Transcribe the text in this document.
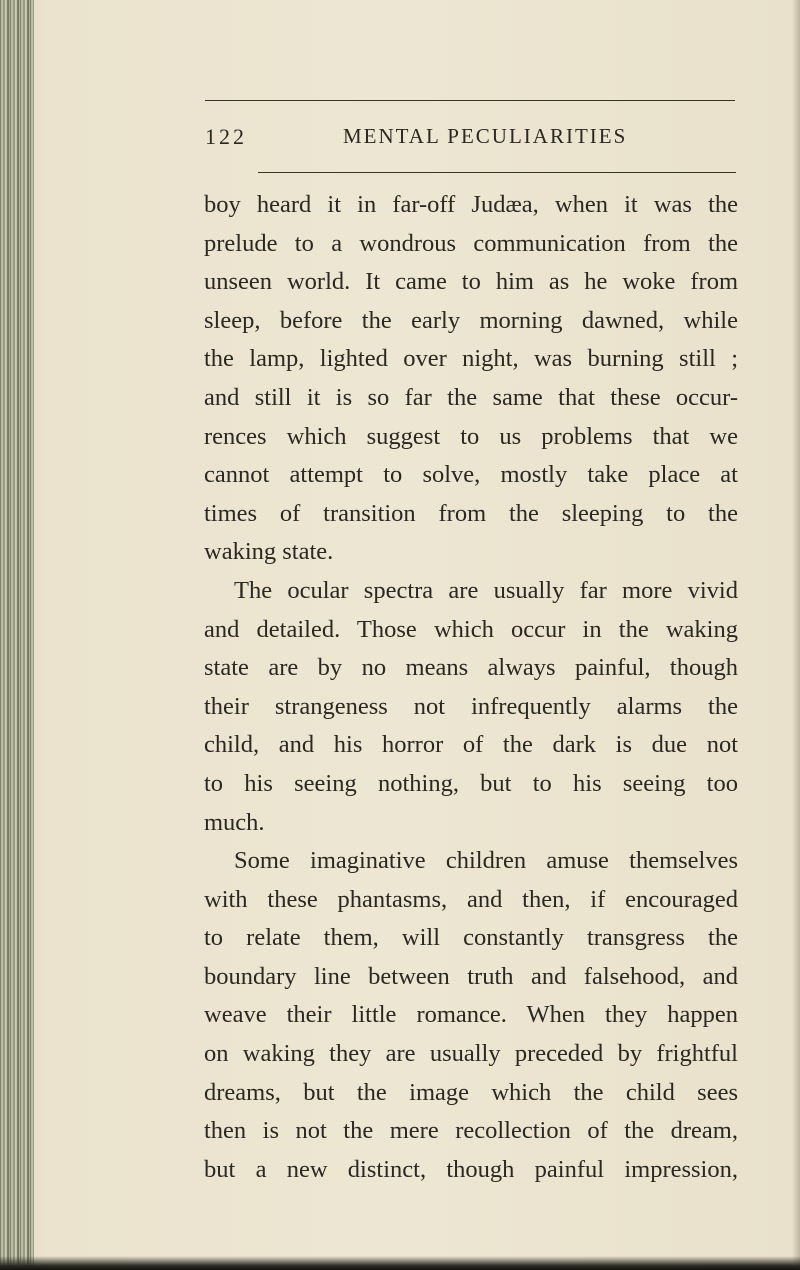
122	MENTAL PECULIARITIES
boy heard it in far-off Judæa, when it was the
prelude to a wondrous communication from the
unseen world. It came to him as he woke from
sleep, before the early morning dawned, while
the lamp, lighted over night, was burning still ;
and still it is so far the same that these occur-
rences which suggest to us problems that we
cannot attempt to solve, mostly take place at
times of transition from the sleeping to the
waking state.
The ocular spectra are usually far more vivid
and detailed. Those which occur in the waking
state are by no means always painful, though
their strangeness not infrequently alarms the
child, and his horror of the dark is due not
to his seeing nothing, but to his seeing too
much.
Some imaginative children amuse themselves
with these phantasms, and then, if encouraged
to relate them, will constantly transgress the
boundary line between truth and falsehood, and
weave their little romance. When they happen
on waking they are usually preceded by frightful
dreams, but the image which the child sees
then is not the mere recollection of the dream,
but a new distinct, though painful impression,
